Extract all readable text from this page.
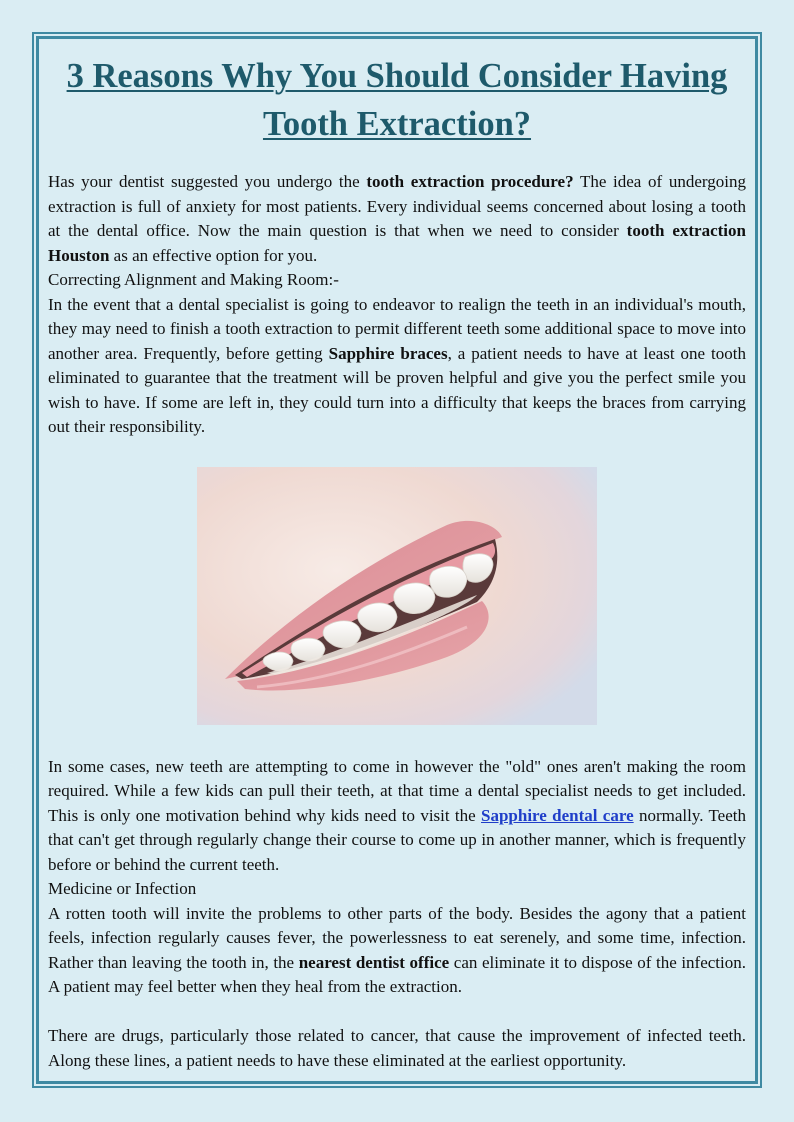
3 Reasons Why You Should Consider Having Tooth Extraction?

Has your dentist suggested you undergo the tooth extraction procedure? The idea of undergoing extraction is full of anxiety for most patients. Every individual seems concerned about losing a tooth at the dental office. Now the main question is that when we need to consider tooth extraction Houston as an effective option for you.

Correcting Alignment and Making Room:-

In the event that a dental specialist is going to endeavor to realign the teeth in an individual's mouth, they may need to finish a tooth extraction to permit different teeth some additional space to move into another area. Frequently, before getting Sapphire braces, a patient needs to have at least one tooth eliminated to guarantee that the treatment will be proven helpful and give you the perfect smile you wish to have. If some are left in, they could turn into a difficulty that keeps the braces from carrying out their responsibility.

In some cases, new teeth are attempting to come in however the "old" ones aren't making the room required. While a few kids can pull their teeth, at that time a dental specialist needs to get included. This is only one motivation behind why kids need to visit the Sapphire dental care normally. Teeth that can't get through regularly change their course to come up in another manner, which is frequently before or behind the current teeth.

Medicine or Infection

A rotten tooth will invite the problems to other parts of the body. Besides the agony that a patient feels, infection regularly causes fever, the powerlessness to eat serenely, and some time, infection. Rather than leaving the tooth in, the nearest dentist office can eliminate it to dispose of the infection. A patient may feel better when they heal from the extraction.

There are drugs, particularly those related to cancer, that cause the improvement of infected teeth. Along these lines, a patient needs to have these eliminated at the earliest opportunity.
